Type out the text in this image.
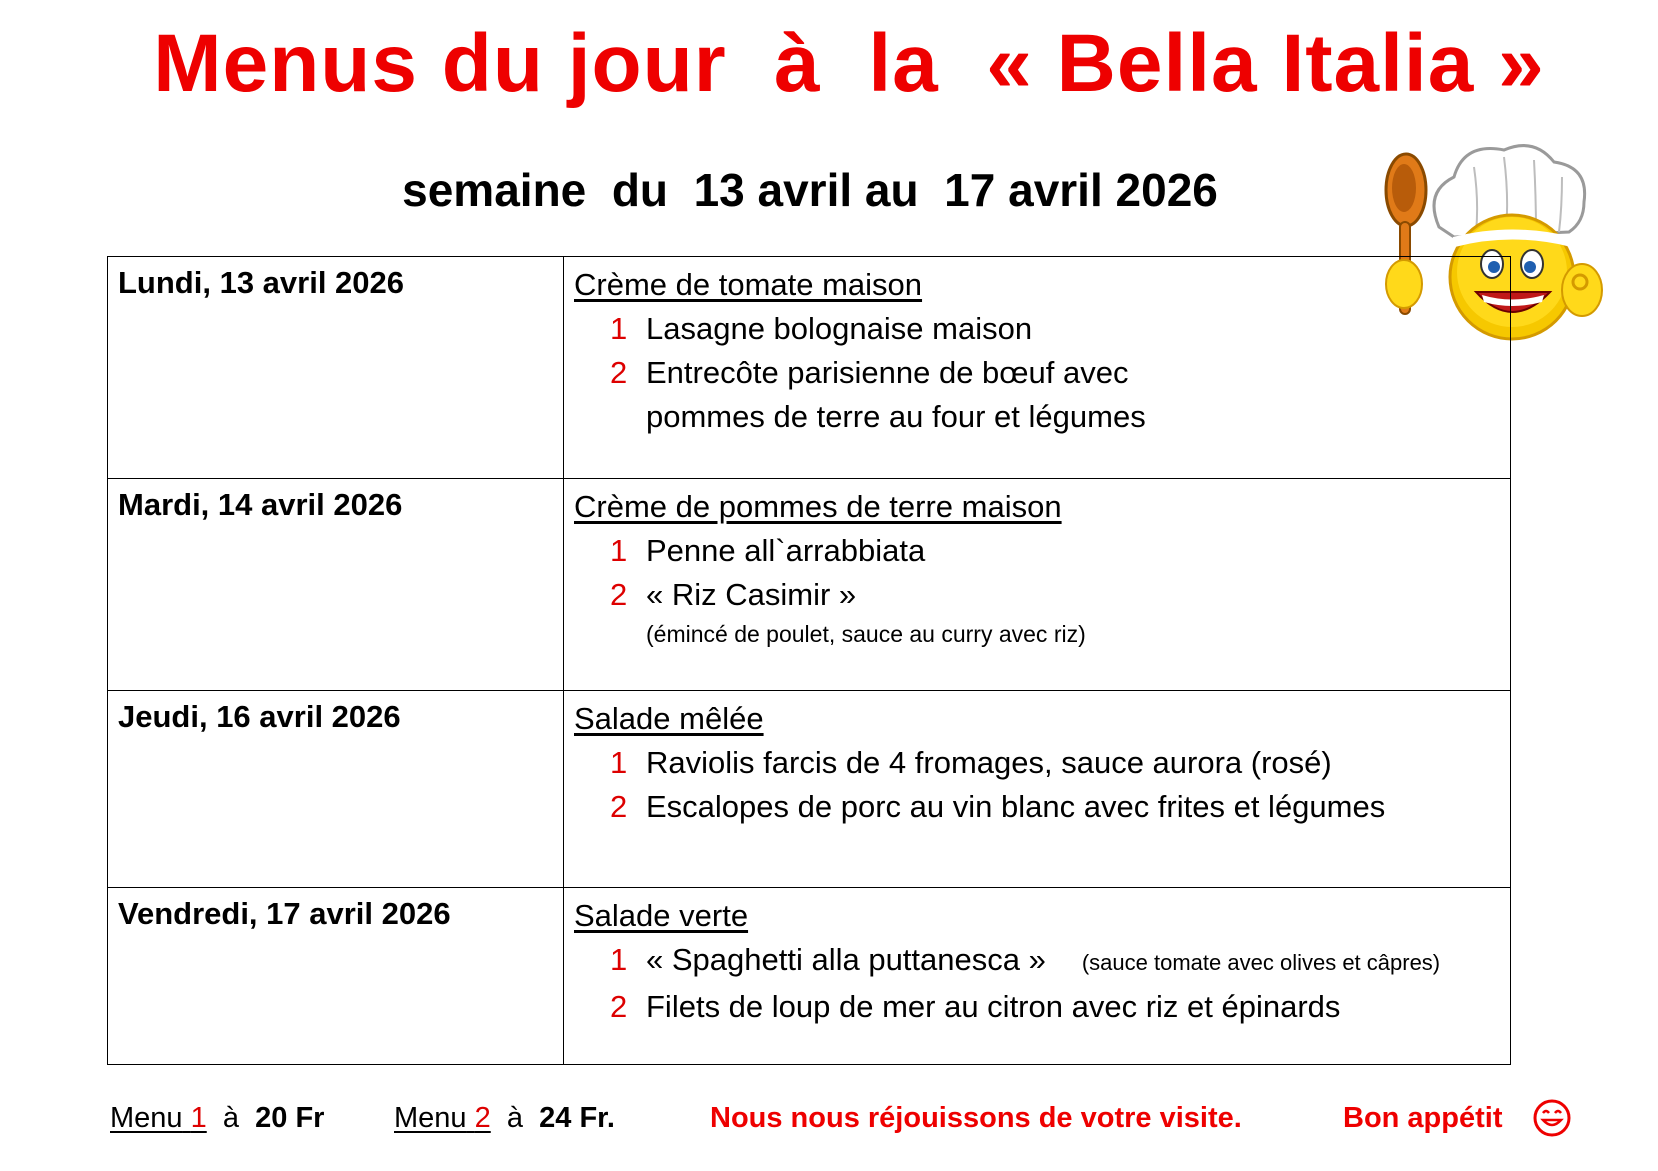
Menus du jour  à  la  « Bella Italia »
semaine  du  13 avril au  17 avril 2026
Lundi, 13 avril 2026	Crème de tomate maison
1 Lasagne bolognaise maison
2 Entrecôte parisienne de bœuf avec
pommes de terre au four et légumes

Mardi, 14 avril 2026	Crème de pommes de terre maison
1 Penne all`arrabbiata
2 « Riz Casimir »
(émincé de poulet, sauce au curry avec riz)

Jeudi, 16 avril 2026	Salade mêlée
1 Raviolis farcis de 4 fromages, sauce aurora (rosé)
2 Escalopes de porc au vin blanc avec frites et légumes

Vendredi, 17 avril 2026	Salade verte
1 « Spaghetti alla puttanesca » (sauce tomate avec olives et câpres)
2 Filets de loup de mer au citron avec riz et épinards
Menu 1 à 20 Fr Menu 2 à 24 Fr.	Nous nous réjouissons de votre visite.	Bon appétit
